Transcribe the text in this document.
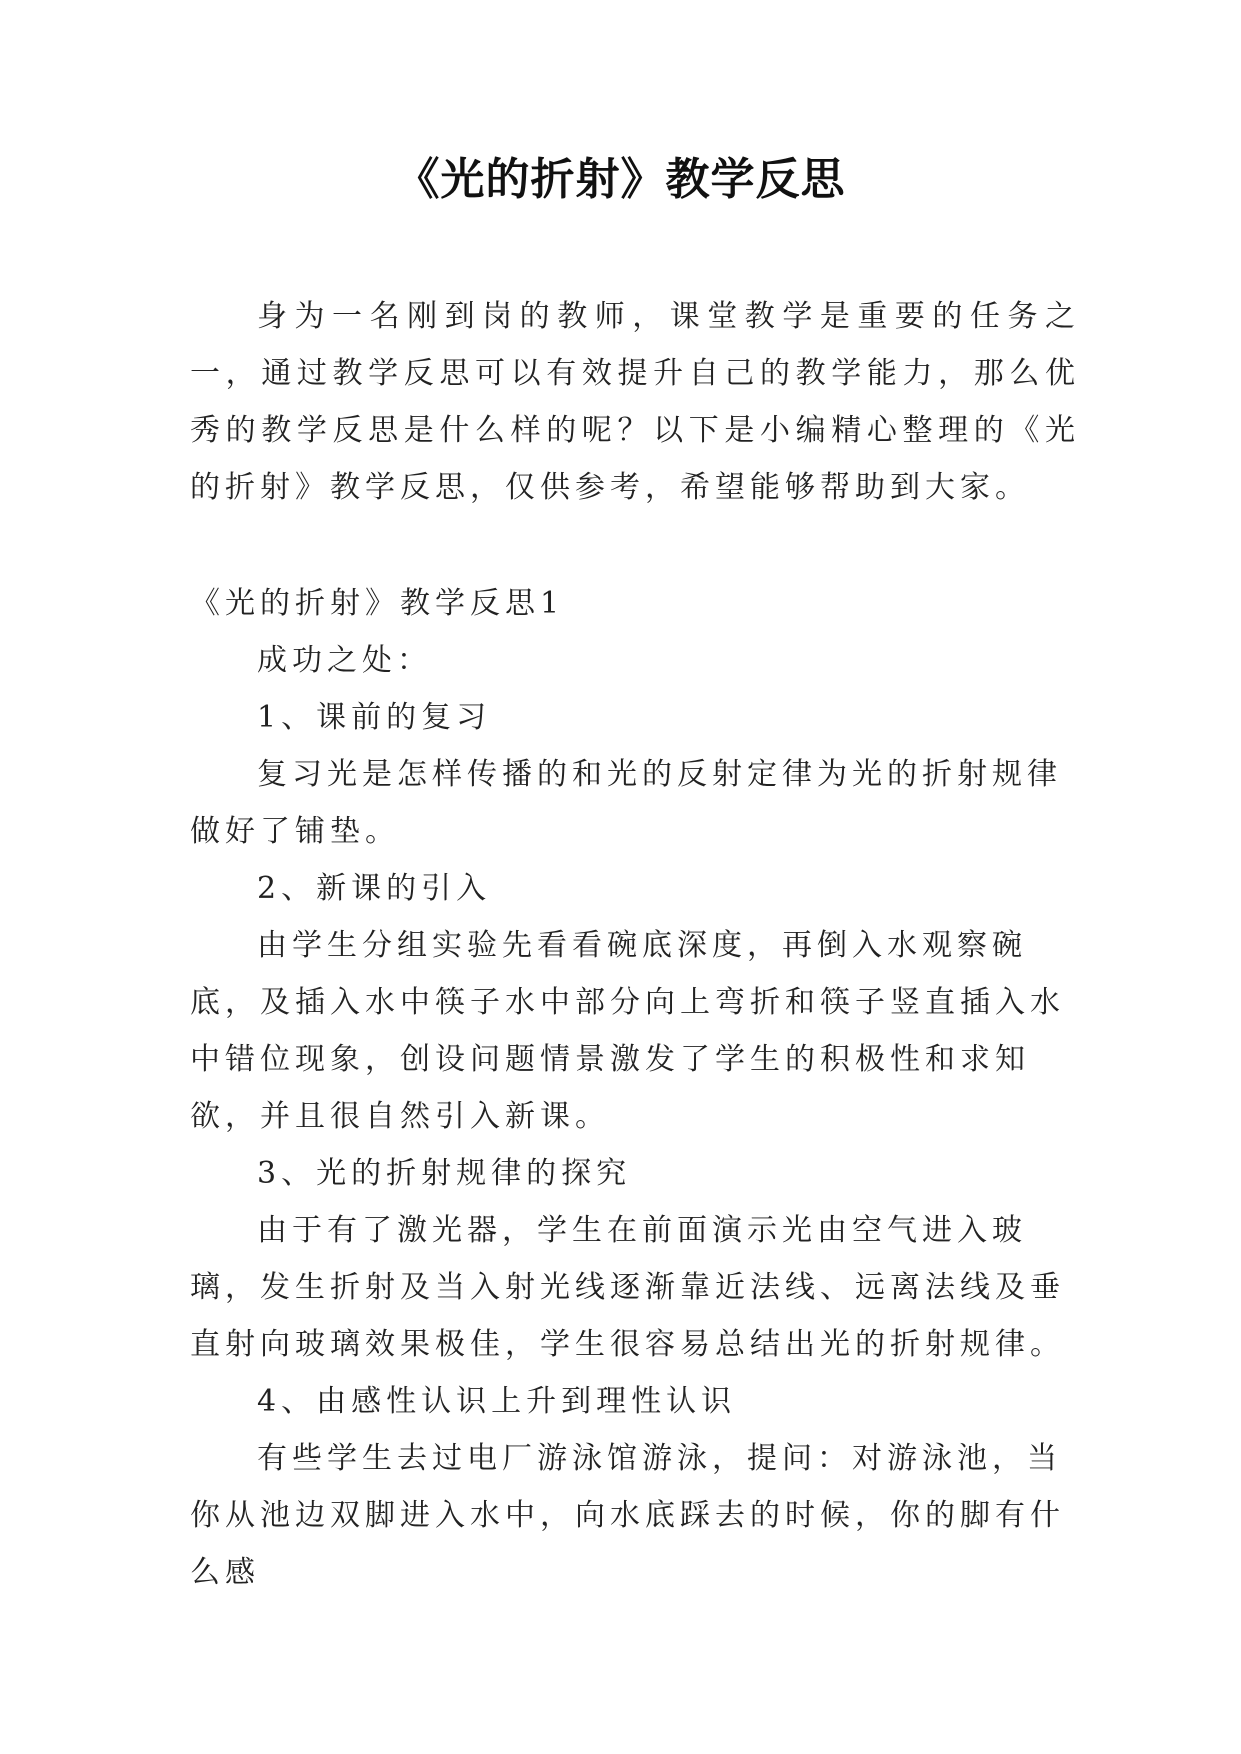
《光的折射》教学反思

身为一名刚到岗的教师，课堂教学是重要的任务之一，通过教学反思可以有效提升自己的教学能力，那么优秀的教学反思是什么样的呢？以下是小编精心整理的《光的折射》教学反思，仅供参考，希望能够帮助到大家。

《光的折射》教学反思1

成功之处：

1、课前的复习

复习光是怎样传播的和光的反射定律为光的折射规律做好了铺垫。

2、新课的引入

由学生分组实验先看看碗底深度，再倒入水观察碗底，及插入水中筷子水中部分向上弯折和筷子竖直插入水中错位现象，创设问题情景激发了学生的积极性和求知欲，并且很自然引入新课。

3、光的折射规律的探究

由于有了激光器，学生在前面演示光由空气进入玻璃，发生折射及当入射光线逐渐靠近法线、远离法线及垂直射向玻璃效果极佳，学生很容易总结出光的折射规律。

4、由感性认识上升到理性认识

有些学生去过电厂游泳馆游泳，提问：对游泳池，当你从池边双脚进入水中，向水底踩去的时候，你的脚有什么感
